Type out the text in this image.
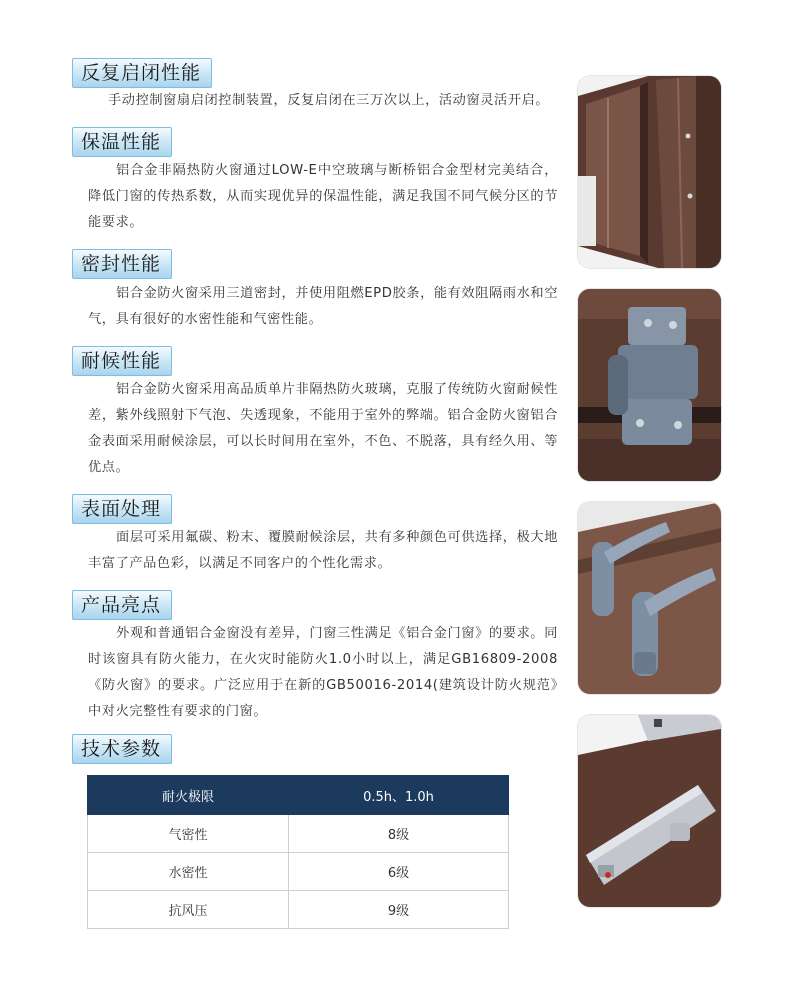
反复启闭性能

手动控制窗扇启闭控制装置，反复启闭在三万次以上，活动窗灵活开启。

保温性能

铝合金非隔热防火窗通过LOW-E中空玻璃与断桥铝合金型材完美结合，降低门窗的传热系数，从而实现优异的保温性能，满足我国不同气候分区的节能要求。

密封性能

铝合金防火窗采用三道密封，并使用阻燃EPD胶条，能有效阻隔雨水和空气，具有很好的水密性能和气密性能。

耐候性能

铝合金防火窗采用高品质单片非隔热防火玻璃，克服了传统防火窗耐候性差，紫外线照射下气泡、失透现象，不能用于室外的弊端。铝合金防火窗铝合金表面采用耐候涂层，可以长时间用在室外，不色、不脱落，具有经久用、等优点。

表面处理

面层可采用氟碳、粉末、覆膜耐候涂层，共有多种颜色可供选择，极大地丰富了产品色彩，以满足不同客户的个性化需求。

产品亮点

外观和普通铝合金窗没有差异，门窗三性满足《铝合金门窗》的要求。同时该窗具有防火能力，在火灾时能防火1.0小时以上，满足GB16809-2008《防火窗》的要求。广泛应用于在新的GB50016-2014(建筑设计防火规范》中对火完整性有要求的门窗。

技术参数
耐火极限	0.5h、1.0h
气密性	8级
水密性	6级
抗风压	9级
